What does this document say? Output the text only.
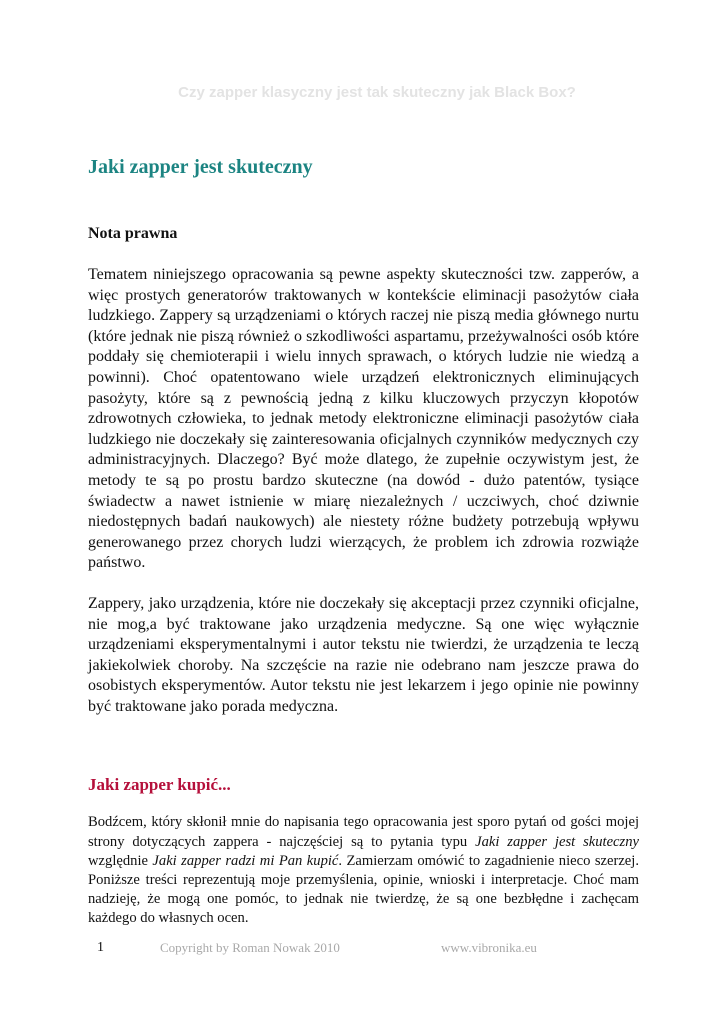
Czy zapper klasyczny jest tak skuteczny jak Black Box?
Jaki zapper jest skuteczny
Nota prawna

Tematem niniejszego opracowania są pewne aspekty skuteczności tzw. zapperów, a więc prostych generatorów traktowanych w kontekście eliminacji pasożytów ciała ludzkiego. Zappery są urządzeniami o których raczej nie piszą media głównego nurtu (które jednak nie piszą również o szkodliwości aspartamu, przeżywalności osób które poddały się chemioterapii i wielu innych sprawach, o których ludzie nie wiedzą a powinni). Choć opatentowano wiele urządzeń elektronicznych eliminujących pasożyty, które są z pewnością jedną z kilku kluczowych przyczyn kłopotów zdrowotnych człowieka, to jednak metody elektroniczne eliminacji pasożytów ciała ludzkiego nie doczekały się zainteresowania oficjalnych czynników medycznych czy administracyjnych. Dlaczego? Być może dlatego, że zupełnie oczywistym jest, że metody te są po prostu bardzo skuteczne (na dowód - dużo patentów, tysiące świadectw a nawet istnienie w miarę niezależnych / uczciwych, choć dziwnie niedostępnych badań naukowych) ale niestety różne budżety potrzebują wpływu generowanego przez chorych ludzi wierzących, że problem ich zdrowia rozwiąże państwo.

Zappery, jako urządzenia, które nie doczekały się akceptacji przez czynniki oficjalne, nie mog,a być traktowane jako urządzenia medyczne. Są one więc wyłącznie urządzeniami eksperymentalnymi i autor tekstu nie twierdzi, że urządzenia te leczą jakiekolwiek choroby. Na szczęście na razie nie odebrano nam jeszcze prawa do osobistych eksperymentów. Autor tekstu nie jest lekarzem i jego opinie nie powinny być traktowane jako porada medyczna.

Jaki zapper kupić...

Bodźcem, który skłonił mnie do napisania tego opracowania jest sporo pytań od gości mojej strony dotyczących zappera - najczęściej są to pytania typu Jaki zapper jest skuteczny względnie Jaki zapper radzi mi Pan kupić. Zamierzam omówić to zagadnienie nieco szerzej. Poniższe treści reprezentują moje przemyślenia, opinie, wnioski i interpretacje. Choć mam nadzieję, że mogą one pomóc, to jednak nie twierdzę, że są one bezbłędne i zachęcam każdego do własnych ocen.

1	Copyright by Roman Nowak 2010	www.vibronika.eu
